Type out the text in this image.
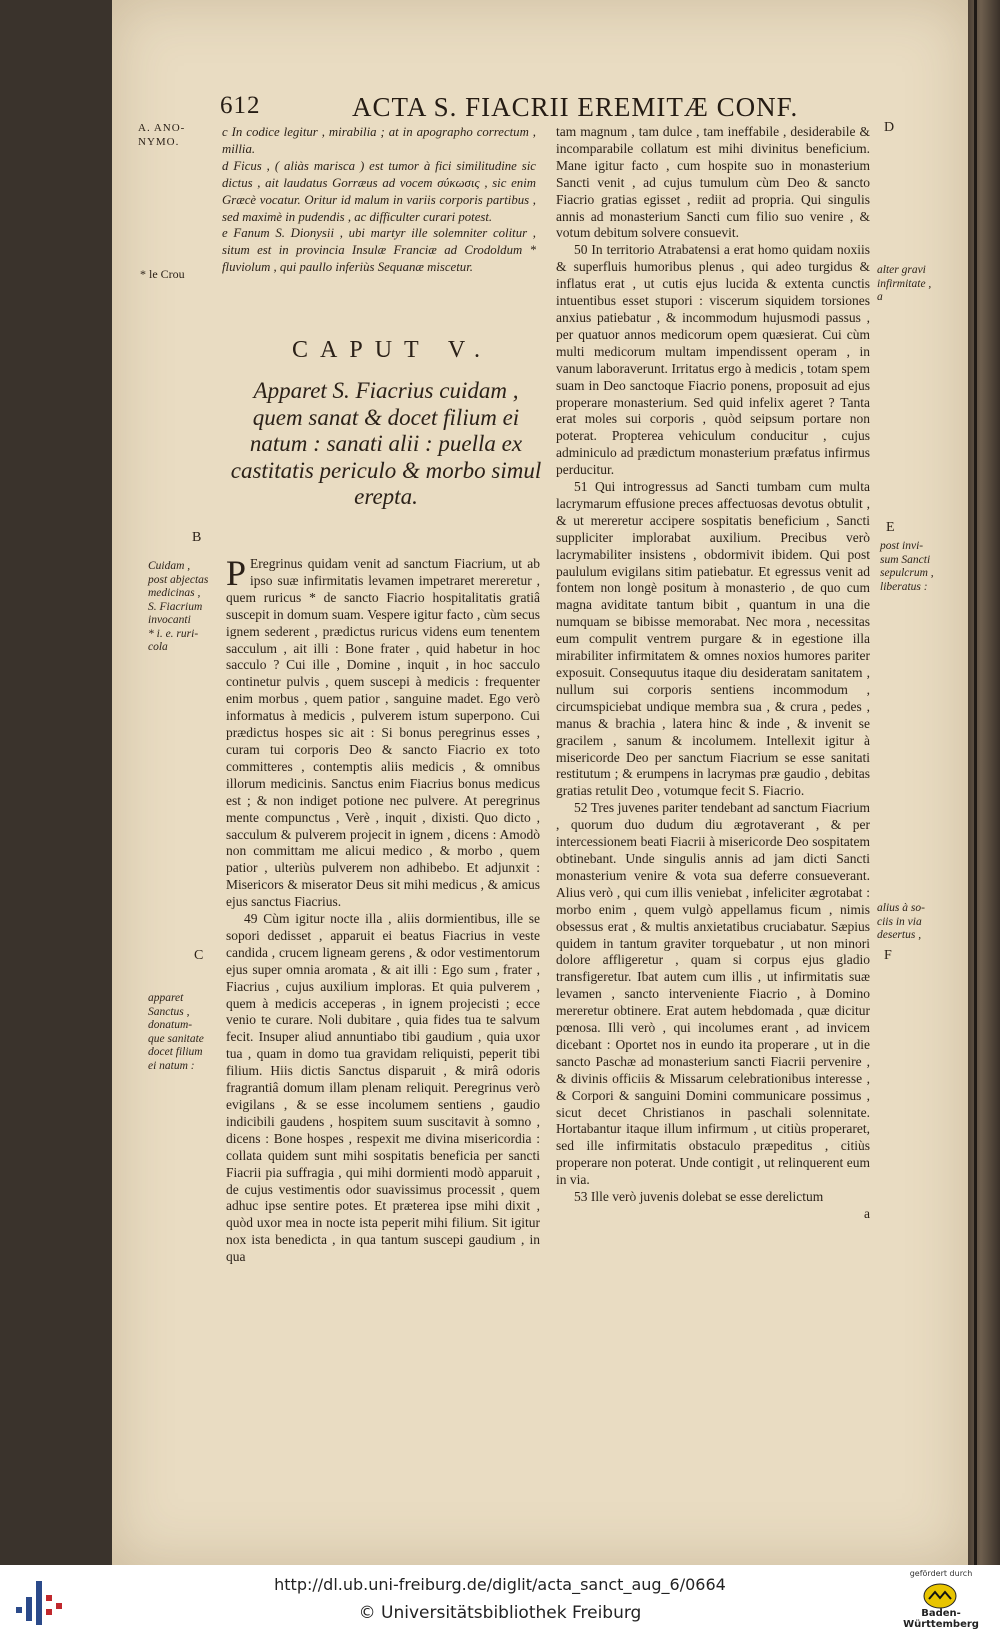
612	ACTA S. FIACRII EREMITÆ CONF.
A. ANO-
NYMO.
* le Crou
B
Cuidam ,
post abjectas
medicinas ,
S. Fiacrium
invocanti
* i. e. ruri-
cola
C
apparet
Sanctus ,
donatum-
que sanitate
docet filium
ei natum :
D
alter gravi
infirmitate ,
a
E
post invi-
sum Sancti
sepulcrum ,
liberatus :
alius à so-
ciis in via
desertus ,
F

c In codice legitur , mirabilia ; at in apographo correctum , millia.

d Ficus , ( aliàs marisca ) est tumor à fici similitudine sic dictus , ait laudatus Gorræus ad vocem σύκωσις , sic enim Græcè vocatur. Oritur id malum in variis corporis partibus , sed maximè in pudendis , ac difficulter curari potest.

e Fanum S. Dionysii , ubi martyr ille solemniter colitur , situm est in provincia Insulæ Franciæ ad Crodoldum * fluviolum , qui paullo inferiùs Sequanæ miscetur.

CAPUT V.
Apparet S. Fiacrius cuidam , quem sanat & docet filium ei natum : sanati alii : puella ex castitatis periculo & morbo simul erepta.

P Eregrinus quidam venit ad sanctum Fiacrium, ut ab ipso suæ infirmitatis levamen impetraret mereretur , quem ruricus * de sancto Fiacrio hospitalitatis gratiâ suscepit in domum suam. Vespere igitur facto , cùm secus ignem sederent , prædictus ruricus videns eum tenentem sacculum , ait illi : Bone frater , quid habetur in hoc sacculo ? Cui ille , Domine , inquit , in hoc sacculo continetur pulvis , quem suscepi à medicis : frequenter enim morbus , quem patior , sanguine madet. Ego verò informatus à medicis , pulverem istum superpono. Cui prædictus hospes sic ait : Si bonus peregrinus esses , curam tui corporis Deo & sancto Fiacrio ex toto committeres , contemptis aliis medicis , & omnibus illorum medicinis. Sanctus enim Fiacrius bonus medicus est ; & non indiget potione nec pulvere. At peregrinus mente compunctus , Verè , inquit , dixisti. Quo dicto , sacculum & pulverem projecit in ignem , dicens : Amodò non committam me alicui medico , & morbo , quem patior , ulteriùs pulverem non adhibebo. Et adjunxit : Misericors & miserator Deus sit mihi medicus , & amicus ejus sanctus Fiacrius.

49 Cùm igitur nocte illa , aliis dormientibus, ille se sopori dedisset , apparuit ei beatus Fiacrius in veste candida , crucem ligneam gerens , & odor vestimentorum ejus super omnia aromata , & ait illi : Ego sum , frater , Fiacrius , cujus auxilium imploras. Et quia pulverem , quem à medicis acceperas , in ignem projecisti ; ecce venio te curare. Noli dubitare , quia fides tua te salvum fecit. Insuper aliud annuntiabo tibi gaudium , quia uxor tua , quam in domo tua gravidam reliquisti, peperit tibi filium. Hiis dictis Sanctus disparuit , & mirâ odoris fragrantiâ domum illam plenam reliquit. Peregrinus verò evigilans , & se esse incolumem sentiens , gaudio indicibili gaudens , hospitem suum suscitavit à somno , dicens : Bone hospes , respexit me divina misericordia : collata quidem sunt mihi sospitatis beneficia per sancti Fiacrii pia suffragia , qui mihi dormienti modò apparuit , de cujus vestimentis odor suavissimus processit , quem adhuc ipse sentire potes. Et præterea ipse mihi dixit , quòd uxor mea in nocte ista peperit mihi filium. Sit igitur nox ista benedicta , in qua tantum suscepi gaudium , in qua

tam magnum , tam dulce , tam ineffabile , desiderabile & incomparabile collatum est mihi divinitus beneficium. Mane igitur facto , cum hospite suo in monasterium Sancti venit , ad cujus tumulum cùm Deo & sancto Fiacrio gratias egisset , rediit ad propria. Qui singulis annis ad monasterium Sancti cum filio suo venire , & votum debitum solvere consuevit.

50 In territorio Atrabatensi a erat homo quidam noxiis & superfluis humoribus plenus , qui adeo turgidus & inflatus erat , ut cutis ejus lucida & extenta cunctis intuentibus esset stupori : viscerum siquidem torsiones anxius patiebatur , & incommodum hujusmodi passus , per quatuor annos medicorum opem quæsierat. Cui cùm multi medicorum multam impendissent operam , in vanum laboraverunt. Irritatus ergo à medicis , totam spem suam in Deo sanctoque Fiacrio ponens, proposuit ad ejus properare monasterium. Sed quid infelix ageret ? Tanta erat moles sui corporis , quòd seipsum portare non poterat. Propterea vehiculum conducitur , cujus adminiculo ad prædictum monasterium præfatus infirmus perducitur.

51 Qui introgressus ad Sancti tumbam cum multa lacrymarum effusione preces affectuosas devotus obtulit , & ut mereretur accipere sospitatis beneficium , Sancti suppliciter implorabat auxilium. Precibus verò lacrymabiliter insistens , obdormivit ibidem. Qui post paululum evigilans sitim patiebatur. Et egressus venit ad fontem non longè positum à monasterio , de quo cum magna aviditate tantum bibit , quantum in una die numquam se bibisse memorabat. Nec mora , necessitas eum compulit ventrem purgare & in egestione illa mirabiliter infirmitatem & omnes noxios humores pariter exposuit. Consequutus itaque diu desideratam sanitatem , nullum sui corporis sentiens incommodum , circumspiciebat undique membra sua , & crura , pedes , manus & brachia , latera hinc & inde , & invenit se gracilem , sanum & incolumem. Intellexit igitur à misericorde Deo per sanctum Fiacrium se esse sanitati restitutum ; & erumpens in lacrymas præ gaudio , debitas gratias retulit Deo , votumque fecit S. Fiacrio.

52 Tres juvenes pariter tendebant ad sanctum Fiacrium , quorum duo dudum diu ægrotaverant , & per intercessionem beati Fiacrii à misericorde Deo sospitatem obtinebant. Unde singulis annis ad jam dicti Sancti monasterium venire & vota sua deferre consueverant. Alius verò , qui cum illis veniebat , infeliciter ægrotabat : morbo enim , quem vulgò appellamus ficum , nimis obsessus erat , & multis anxietatibus cruciabatur. Sæpius quidem in tantum graviter torquebatur , ut non minori dolore affligeretur , quam si corpus ejus gladio transfigeretur. Ibat autem cum illis , ut infirmitatis suæ levamen , sancto interveniente Fiacrio , à Domino mereretur obtinere. Erat autem hebdomada , quæ dicitur pœnosa. Illi verò , qui incolumes erant , ad invicem dicebant : Oportet nos in eundo ita properare , ut in die sancto Paschæ ad monasterium sancti Fiacrii pervenire , & divinis officiis & Missarum celebrationibus interesse , & Corpori & sanguini Domini communicare possimus , sicut decet Christianos in paschali solennitate. Hortabantur itaque illum infirmum , ut citiùs properaret, sed ille infirmitatis obstaculo præpeditus , citiùs properare non poterat. Unde contigit , ut relinquerent eum in via.

53 Ille verò juvenis dolebat se esse derelictum

a

http://dl.ub.uni-freiburg.de/diglit/acta_sanct_aug_6/0664
© Universitätsbibliothek Freiburg
gefördert durch
Baden-Württemberg
